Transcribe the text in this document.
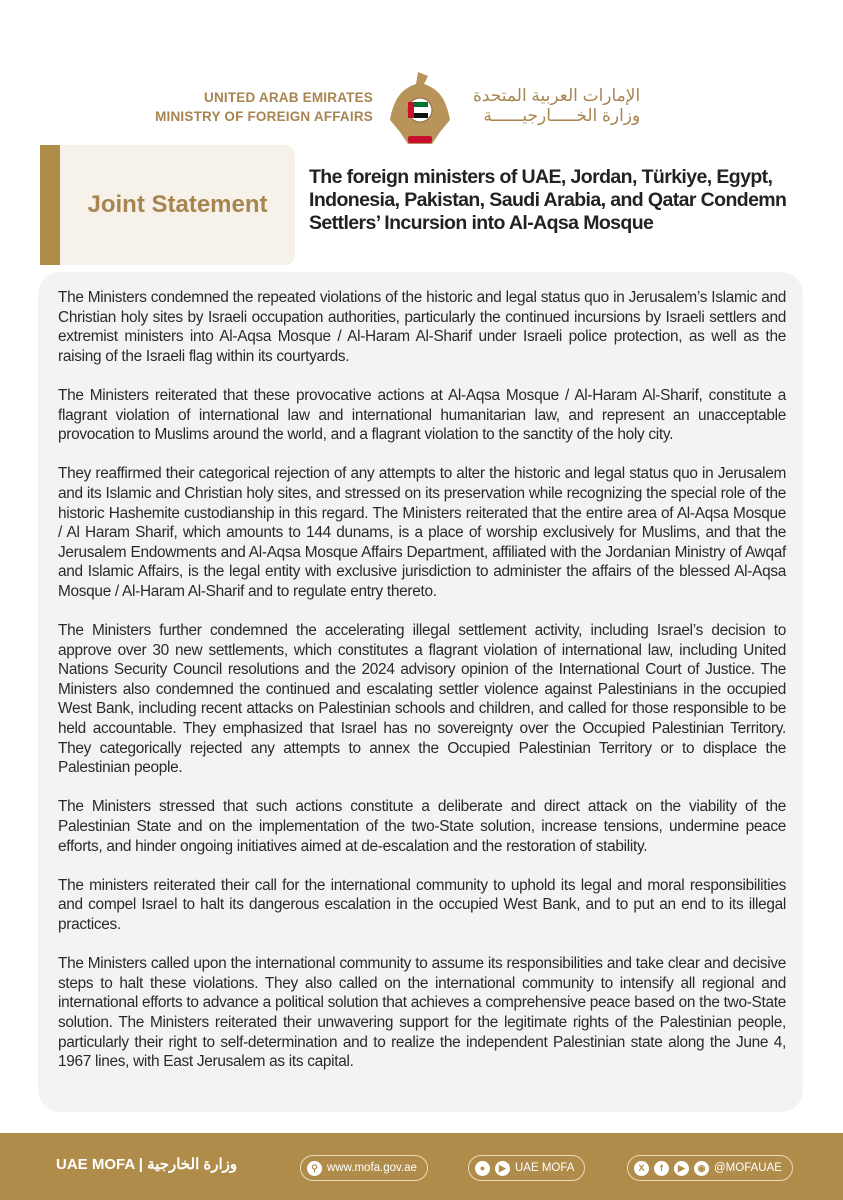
UNITED ARAB EMIRATES
MINISTRY OF FOREIGN AFFAIRS
الإمارات العربية المتحدة
وزارة الخـــــارجيــــــة
Joint Statement
The foreign ministers of UAE, Jordan, Türkiye, Egypt, Indonesia, Pakistan, Saudi Arabia, and Qatar Condemn Settlers’ Incursion into Al-Aqsa Mosque

The Ministers condemned the repeated violations of the historic and legal status quo in Jerusalem’s Islamic and Christian holy sites by Israeli occupation authorities, particularly the continued incursions by Israeli settlers and extremist ministers into Al-Aqsa Mosque / Al-Haram Al-Sharif under Israeli police protection, as well as the raising of the Israeli flag within its courtyards.

The Ministers reiterated that these provocative actions at Al-Aqsa Mosque / Al-Haram Al-Sharif, constitute a flagrant violation of international law and international humanitarian law, and represent an unacceptable provocation to Muslims around the world, and a flagrant violation to the sanctity of the holy city.

They reaffirmed their categorical rejection of any attempts to alter the historic and legal status quo in Jerusalem and its Islamic and Christian holy sites, and stressed on its preservation while recognizing the special role of the historic Hashemite custodianship in this regard. The Ministers reiterated that the entire area of Al-Aqsa Mosque / Al Haram Sharif, which amounts to 144 dunams, is a place of worship exclusively for Muslims, and that the Jerusalem Endowments and Al-Aqsa Mosque Affairs Department, affiliated with the Jordanian Ministry of Awqaf and Islamic Affairs, is the legal entity with exclusive jurisdiction to administer the affairs of the blessed Al-Aqsa Mosque / Al-Haram Al-Sharif and to regulate entry thereto.

The Ministers further condemned the accelerating illegal settlement activity, including Israel’s decision to approve over 30 new settlements, which constitutes a flagrant violation of international law, including United Nations Security Council resolutions and the 2024 advisory opinion of the International Court of Justice. The Ministers also condemned the continued and escalating settler violence against Palestinians in the occupied West Bank, including recent attacks on Palestinian schools and children, and called for those responsible to be held accountable. They emphasized that Israel has no sovereignty over the Occupied Palestinian Territory. They categorically rejected any attempts to annex the Occupied Palestinian Territory or to displace the Palestinian people.

The Ministers stressed that such actions constitute a deliberate and direct attack on the viability of the Palestinian State and on the implementation of the two-State solution, increase tensions, undermine peace efforts, and hinder ongoing initiatives aimed at de-escalation and the restoration of stability.

The ministers reiterated their call for the international community to uphold its legal and moral responsibilities and compel Israel to halt its dangerous escalation in the occupied West Bank, and to put an end to its illegal practices.

The Ministers called upon the international community to assume its responsibilities and take clear and decisive steps to halt these violations. They also called on the international community to intensify all regional and international efforts to advance a political solution that achieves a comprehensive peace based on the two-State solution. The Ministers reiterated their unwavering support for the legitimate rights of the Palestinian people, particularly their right to self-determination and to realize the independent Palestinian state along the June 4, 1967 lines, with East Jerusalem as its capital.

UAE MOFA | وزارة الخارجية	⚲ www.mofa.gov.ae	●	▶ UAE MOFA	X	f	▶	◉ @MOFAUAE
